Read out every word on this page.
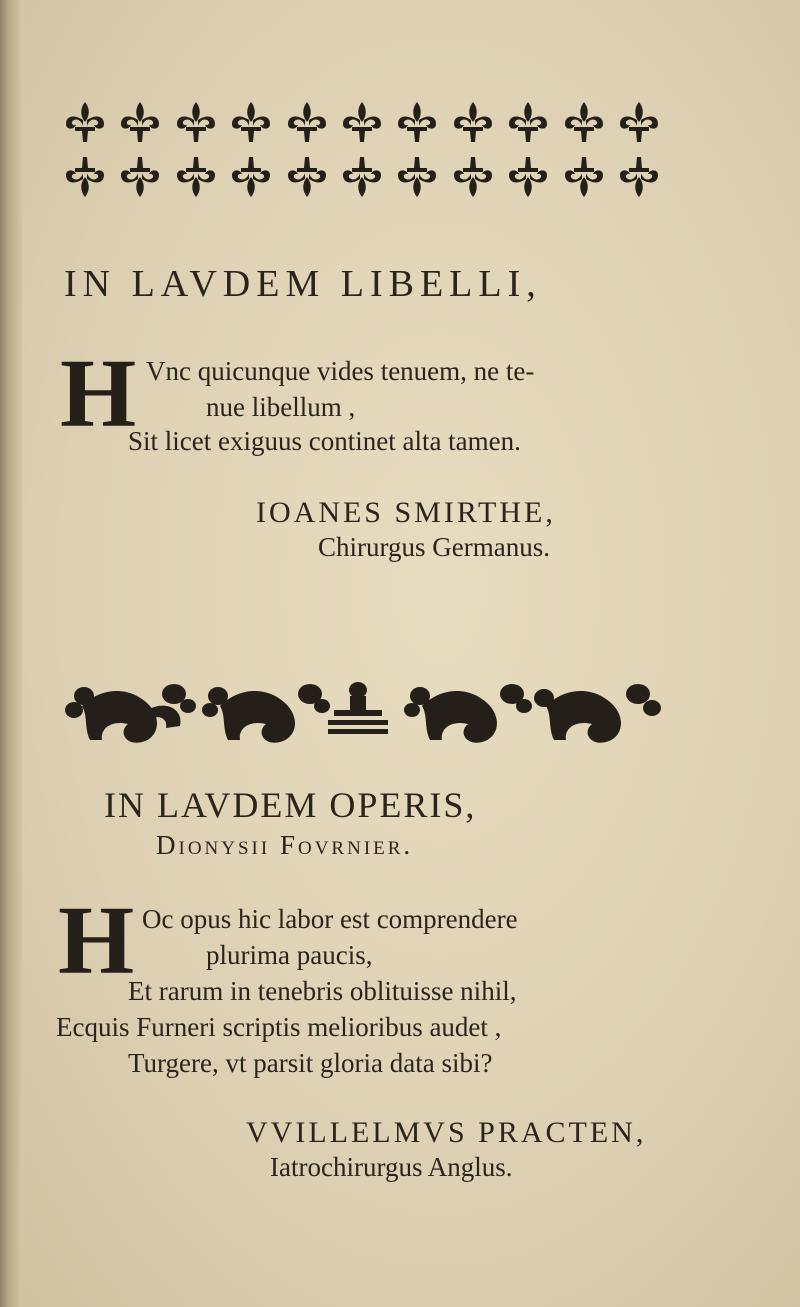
IN LAVDEM LIBELLI,
H Vnc quicunque vides tenuem, ne te-
nue libellum ,
Sit licet exiguus continet alta tamen.
IOANES SMIRTHE,
Chirurgus Germanus.
IN LAVDEM OPERIS,
Dionysii Fovrnier.
H Oc opus hic labor est comprendere
plurima paucis,
Et rarum in tenebris oblituisse nihil,
Ecquis Furneri scriptis melioribus audet ,
Turgere, vt parsit gloria data sibi?
VVILLELMVS PRACTEN,
Iatrochirurgus Anglus.
